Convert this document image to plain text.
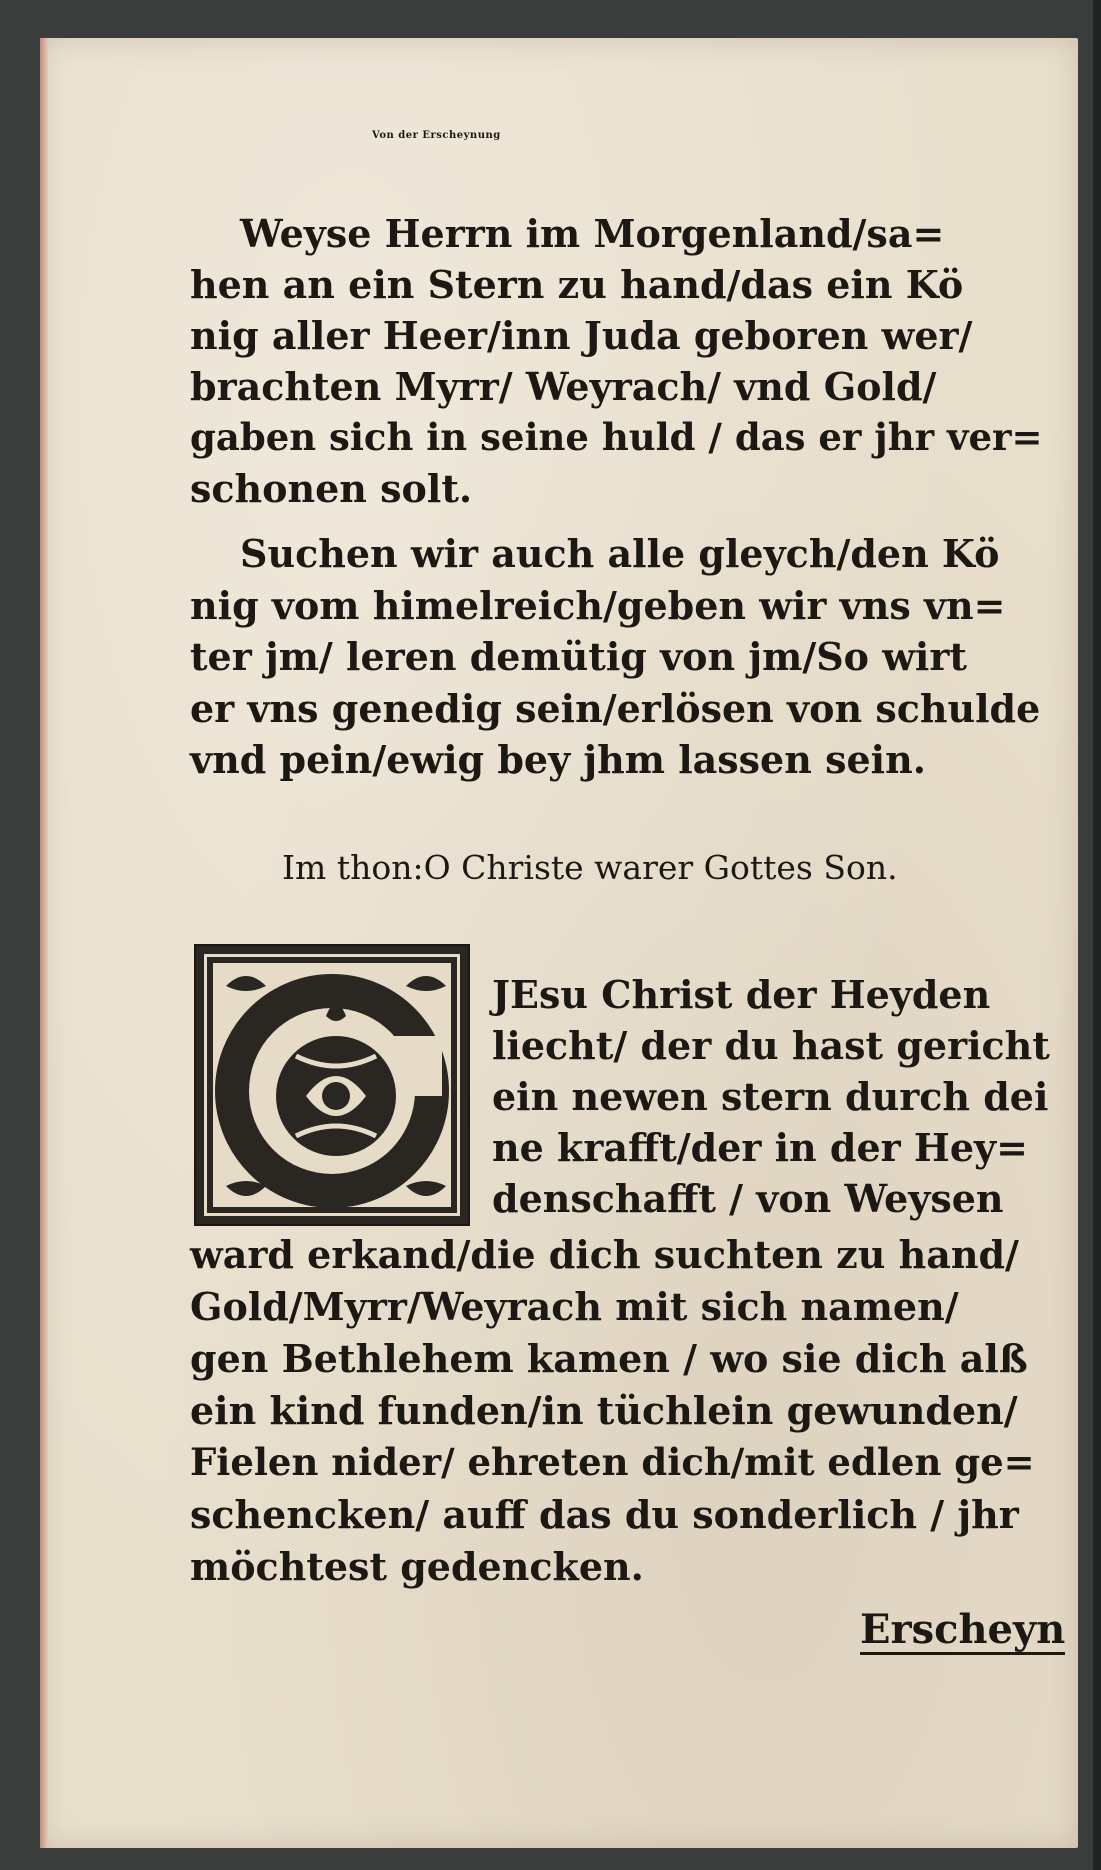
Von der Erscheynung
Weyse Herrn im Morgenland/sa=
hen an ein Stern zu hand/das ein Kö
nig aller Heer/inn Juda geboren wer/
brachten Myrr/ Weyrach/ vnd Gold/
gaben sich in seine huld / das er jhr ver=
schonen solt.
Suchen wir auch alle gleych/den Kö
nig vom himelreich/geben wir vns vn=
ter jm/ leren demütig von jm/So wirt
er vns genedig sein/erlösen von schulde
vnd pein/ewig bey jhm lassen sein.
Im thon:O Christe warer Gottes Son.
JEsu Christ der Heyden
liecht/ der du hast gericht
ein newen stern durch dei
ne krafft/der in der Hey=
denschafft / von Weysen
ward erkand/die dich suchten zu hand/
Gold/Myrr/Weyrach mit sich namen/
gen Bethlehem kamen / wo sie dich alß
ein kind funden/in tüchlein gewunden/
Fielen nider/ ehreten dich/mit edlen ge=
schencken/ auff das du sonderlich / jhr
möchtest gedencken.
Erscheyn
